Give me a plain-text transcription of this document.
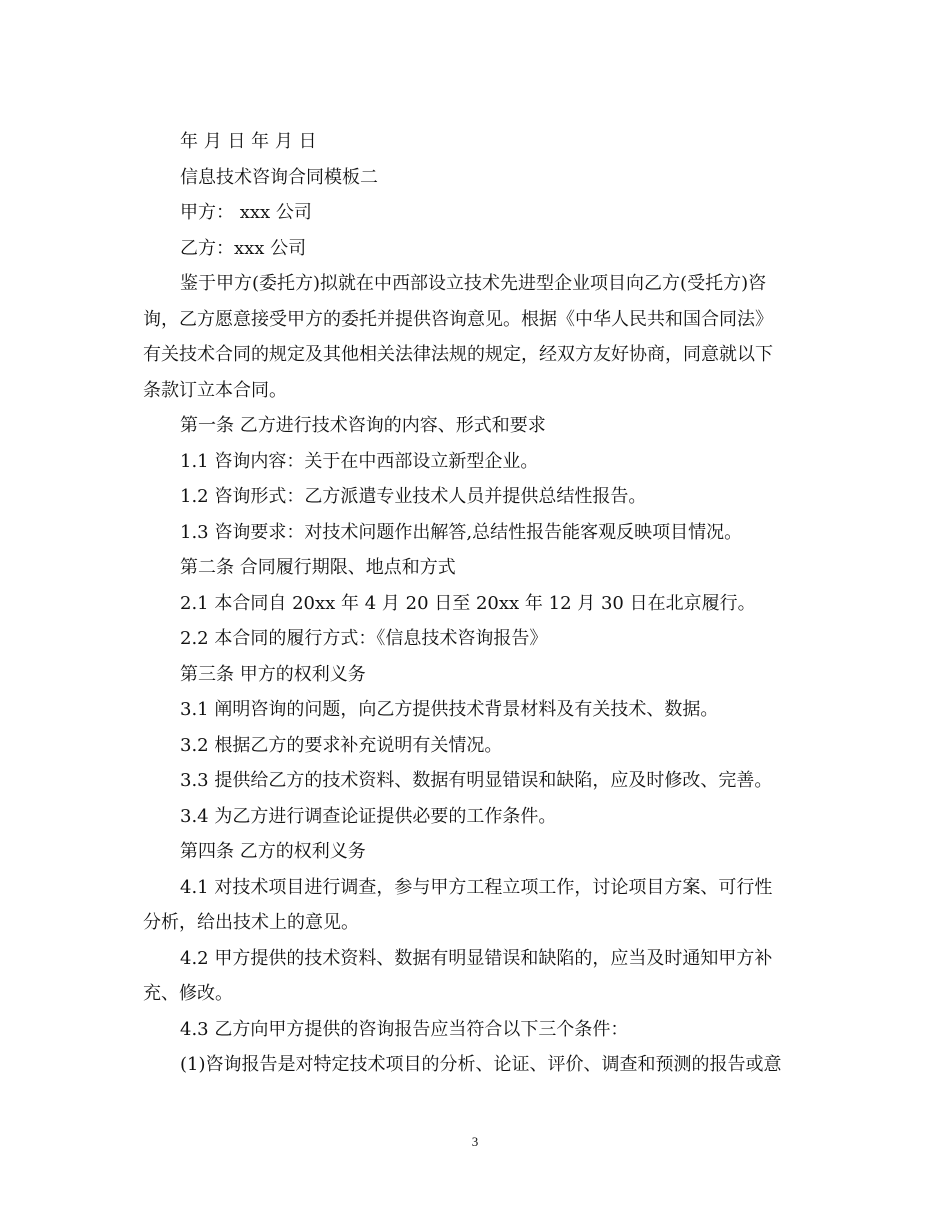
年 月 日 年 月 日

信息技术咨询合同模板二

甲方： xxx 公司

乙方：xxx 公司

鉴于甲方(委托方)拟就在中西部设立技术先进型企业项目向乙方(受托方)咨

询，乙方愿意接受甲方的委托并提供咨询意见。根据《中华人民共和国合同法》

有关技术合同的规定及其他相关法律法规的规定，经双方友好协商，同意就以下

条款订立本合同。

第一条 乙方进行技术咨询的内容、形式和要求

1.1 咨询内容：关于在中西部设立新型企业。

1.2 咨询形式：乙方派遣专业技术人员并提供总结性报告。

1.3 咨询要求：对技术问题作出解答,总结性报告能客观反映项目情况。

第二条 合同履行期限、地点和方式

2.1 本合同自 20xx 年 4 月 20 日至 20xx 年 12 月 30 日在北京履行。

2.2 本合同的履行方式：《信息技术咨询报告》

第三条 甲方的权利义务

3.1 阐明咨询的问题，向乙方提供技术背景材料及有关技术、数据。

3.2 根据乙方的要求补充说明有关情况。

3.3 提供给乙方的技术资料、数据有明显错误和缺陷，应及时修改、完善。

3.4 为乙方进行调查论证提供必要的工作条件。

第四条 乙方的权利义务

4.1 对技术项目进行调查，参与甲方工程立项工作，讨论项目方案、可行性

分析，给出技术上的意见。

4.2 甲方提供的技术资料、数据有明显错误和缺陷的，应当及时通知甲方补

充、修改。

4.3 乙方向甲方提供的咨询报告应当符合以下三个条件：

(1)咨询报告是对特定技术项目的分析、论证、评价、调查和预测的报告或意

3
